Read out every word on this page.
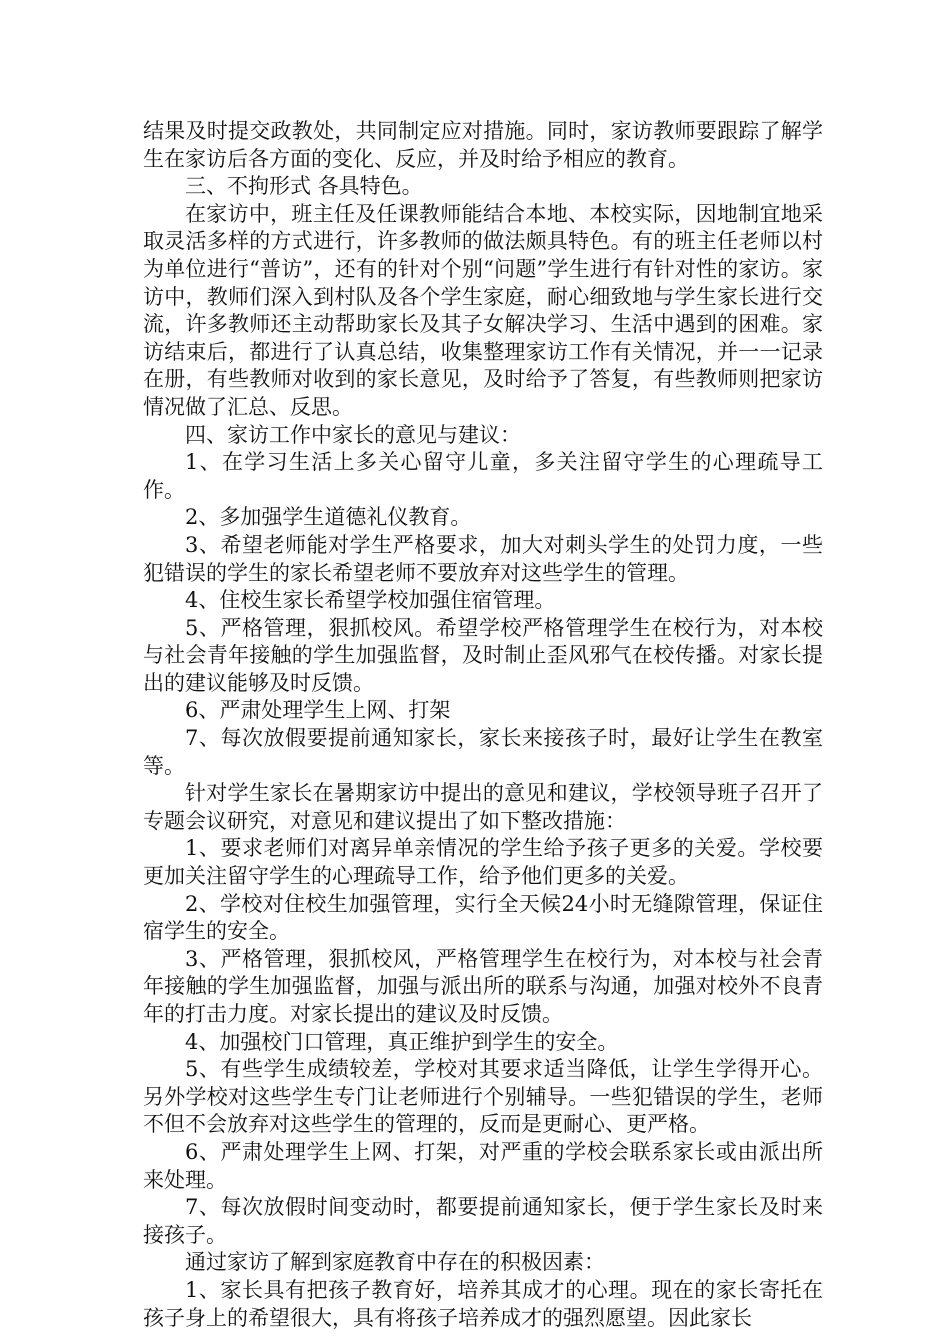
结果及时提交政教处，共同制定应对措施。同时，家访教师要跟踪了解学生在家访后各方面的变化、反应，并及时给予相应的教育。

三、不拘形式 各具特色。

在家访中，班主任及任课教师能结合本地、本校实际，因地制宜地采取灵活多样的方式进行，许多教师的做法颇具特色。有的班主任老师以村为单位进行“普访”，还有的针对个别“问题”学生进行有针对性的家访。家访中，教师们深入到村队及各个学生家庭，耐心细致地与学生家长进行交流，许多教师还主动帮助家长及其子女解决学习、生活中遇到的困难。家访结束后，都进行了认真总结，收集整理家访工作有关情况，并一一记录在册，有些教师对收到的家长意见，及时给予了答复，有些教师则把家访情况做了汇总、反思。

四、家访工作中家长的意见与建议：

1、在学习生活上多关心留守儿童，多关注留守学生的心理疏导工作。

2、多加强学生道德礼仪教育。

3、希望老师能对学生严格要求，加大对刺头学生的处罚力度，一些犯错误的学生的家长希望老师不要放弃对这些学生的管理。

4、住校生家长希望学校加强住宿管理。

5、严格管理，狠抓校风。希望学校严格管理学生在校行为，对本校与社会青年接触的学生加强监督，及时制止歪风邪气在校传播。对家长提出的建议能够及时反馈。

6、严肃处理学生上网、打架

7、每次放假要提前通知家长，家长来接孩子时，最好让学生在教室等。

针对学生家长在暑期家访中提出的意见和建议，学校领导班子召开了专题会议研究，对意见和建议提出了如下整改措施：

1、要求老师们对离异单亲情况的学生给予孩子更多的关爱。学校要更加关注留守学生的心理疏导工作，给予他们更多的关爱。

2、学校对住校生加强管理，实行全天候24小时无缝隙管理，保证住宿学生的安全。

3、严格管理，狠抓校风，严格管理学生在校行为，对本校与社会青年接触的学生加强监督，加强与派出所的联系与沟通，加强对校外不良青年的打击力度。对家长提出的建议及时反馈。

4、加强校门口管理，真正维护到学生的安全。

5、有些学生成绩较差，学校对其要求适当降低，让学生学得开心。另外学校对这些学生专门让老师进行个别辅导。一些犯错误的学生，老师不但不会放弃对这些学生的管理的，反而是更耐心、更严格。

6、严肃处理学生上网、打架，对严重的学校会联系家长或由派出所来处理。

7、每次放假时间变动时，都要提前通知家长，便于学生家长及时来接孩子。

通过家访了解到家庭教育中存在的积极因素：

1、家长具有把孩子教育好，培养其成才的心理。现在的家长寄托在孩子身上的希望很大，具有将孩子培养成才的强烈愿望。因此家长
